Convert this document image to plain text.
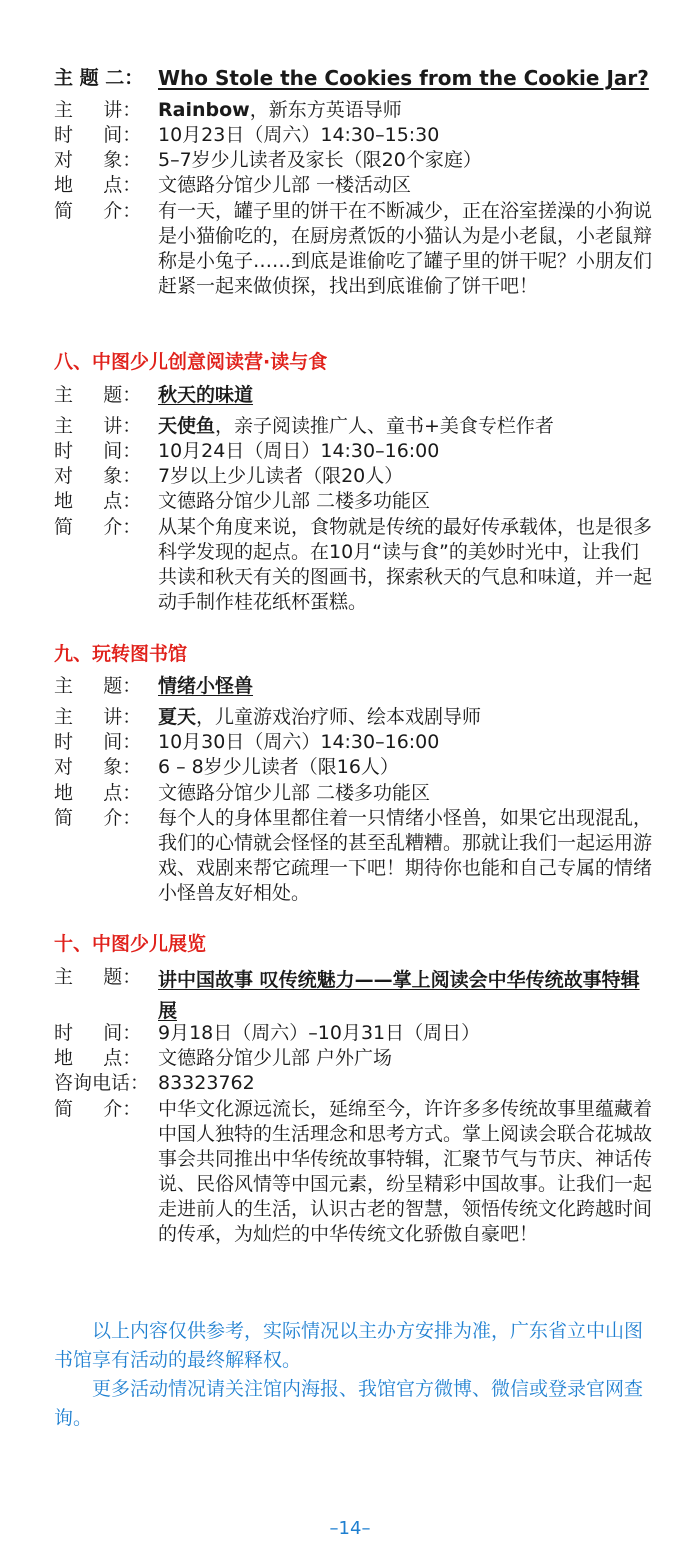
主 题 二： Who Stole the Cookies from the Cookie Jar?
主     讲： Rainbow，新东方英语导师
时     间： 10月23日（周六）14:30–15:30
对     象： 5–7岁少儿读者及家长（限20个家庭）
地     点： 文德路分馆少儿部 一楼活动区
简     介： 有一天，罐子里的饼干在不断减少，正在浴室搓澡的小狗说是小猫偷吃的，在厨房煮饭的小猫认为是小老鼠，小老鼠辩称是小兔子……到底是谁偷吃了罐子里的饼干呢？小朋友们赶紧一起来做侦探，找出到底谁偷了饼干吧！
八、中图少儿创意阅读营·读与食
主     题： 秋天的味道
主     讲： 天使鱼，亲子阅读推广人、童书+美食专栏作者
时     间： 10月24日（周日）14:30–16:00
对     象： 7岁以上少儿读者（限20人）
地     点： 文德路分馆少儿部 二楼多功能区
简     介： 从某个角度来说，食物就是传统的最好传承载体，也是很多科学发现的起点。在10月“读与食”的美妙时光中，让我们共读和秋天有关的图画书，探索秋天的气息和味道，并一起动手制作桂花纸杯蛋糕。
九、玩转图书馆
主     题： 情绪小怪兽
主     讲： 夏天，儿童游戏治疗师、绘本戏剧导师
时     间： 10月30日（周六）14:30–16:00
对     象： 6 – 8岁少儿读者（限16人）
地     点： 文德路分馆少儿部 二楼多功能区
简     介： 每个人的身体里都住着一只情绪小怪兽，如果它出现混乱，我们的心情就会怪怪的甚至乱糟糟。那就让我们一起运用游戏、戏剧来帮它疏理一下吧！期待你也能和自己专属的情绪小怪兽友好相处。
十、中图少儿展览
主     题： 讲中国故事 叹传统魅力——掌上阅读会中华传统故事特辑展
时     间： 9月18日（周六）–10月31日（周日）
地     点： 文德路分馆少儿部 户外广场
咨询电话： 83323762
简     介： 中华文化源远流长，延绵至今，许许多多传统故事里蕴藏着中国人独特的生活理念和思考方式。掌上阅读会联合花城故事会共同推出中华传统故事特辑，汇聚节气与节庆、神话传说、民俗风情等中国元素，纷呈精彩中国故事。让我们一起走进前人的生活，认识古老的智慧，领悟传统文化跨越时间的传承，为灿烂的中华传统文化骄傲自豪吧！

以上内容仅供参考，实际情况以主办方安排为准，广东省立中山图书馆享有活动的最终解释权。

更多活动情况请关注馆内海报、我馆官方微博、微信或登录官网查询。

–14–
